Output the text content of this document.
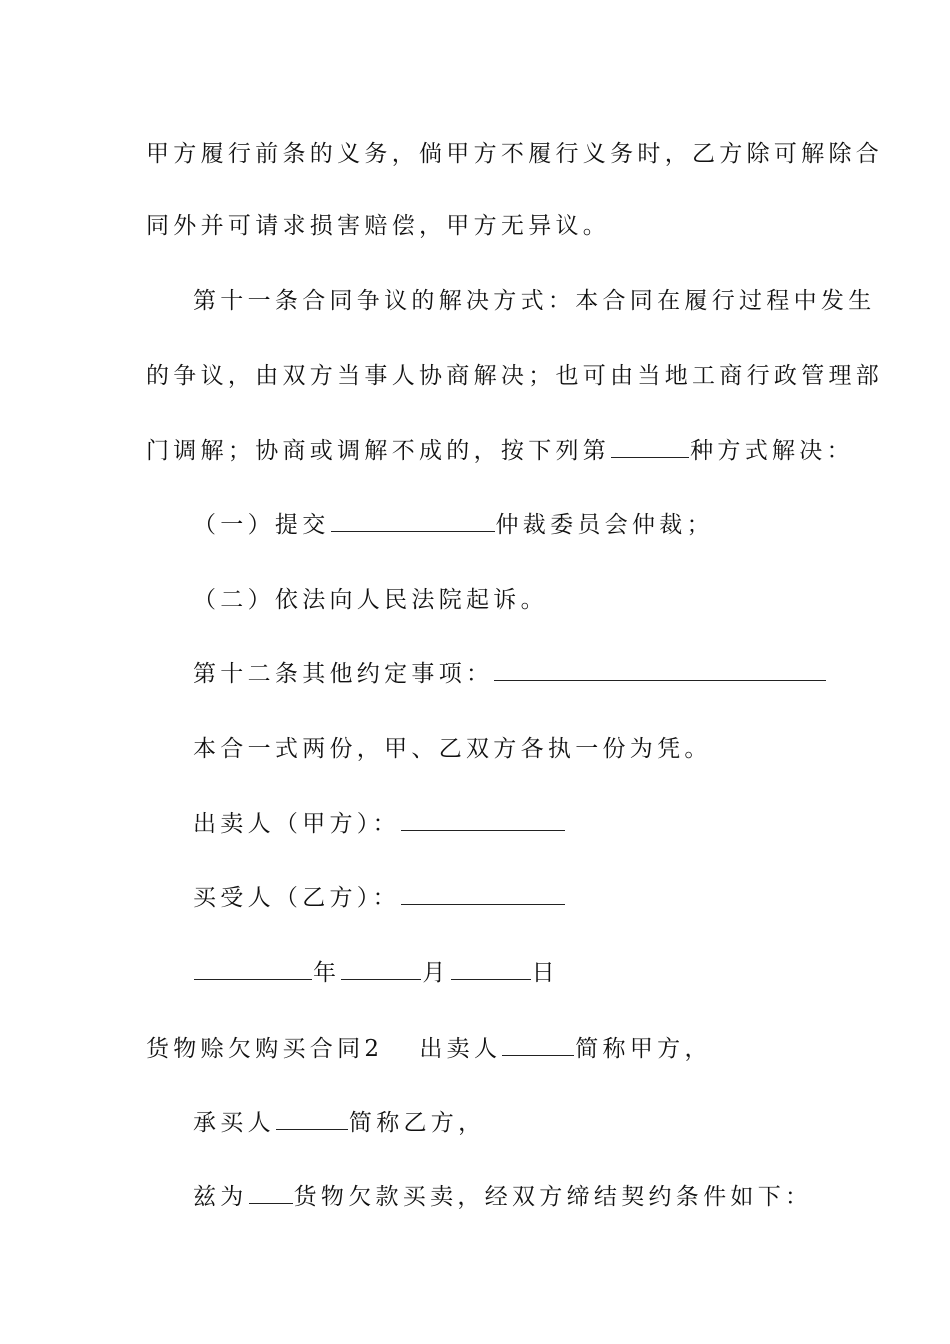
甲方履行前条的义务，倘甲方不履行义务时，乙方除可解除合
同外并可请求损害赔偿，甲方无异议。
第十一条合同争议的解决方式：本合同在履行过程中发生
的争议，由双方当事人协商解决；也可由当地工商行政管理部
门调解；协商或调解不成的，按下列第	种方式解决：
（一）提交	仲裁委员会仲裁；
（二）依法向人民法院起诉。
第十二条其他约定事项：
本合一式两份，甲、乙双方各执一份为凭。
出卖人（甲方）：
买受人（乙方）：
年	月	日
货物赊欠购买合同2 出卖人	简称甲方，
承买人	简称乙方，
兹为 货物欠款买卖，经双方缔结契约条件如下：
